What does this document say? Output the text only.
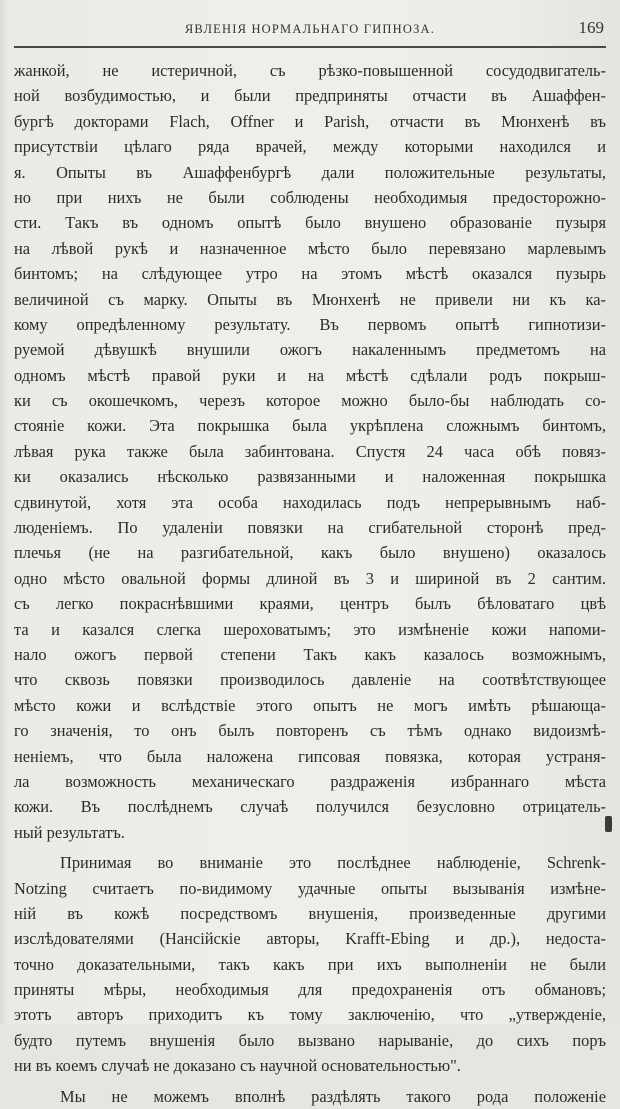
ЯВЛЕНІЯ НОРМАЛЬНАГО ГИПНОЗА.	169
жанкой, не истеричной, съ рѣзко-повышенной сосудодвигатель-
ной возбудимостью, и были предприняты отчасти въ Ашаффен-
бургѣ докторами Flach, Offner и Parish, отчасти въ Мюнхенѣ въ
присутствіи цѣлаго ряда врачей, между которыми находился и
я. Опыты въ Ашаффенбургѣ дали положительные результаты,
но при нихъ не были соблюдены необходимыя предосторожно-
сти. Такъ въ одномъ опытѣ было внушено образованіе пузыря
на лѣвой рукѣ и назначенное мѣсто было перевязано марлевымъ
бинтомъ; на слѣдующее утро на этомъ мѣстѣ оказался пузырь
величиной съ марку. Опыты въ Мюнхенѣ не привели ни къ ка-
кому опредѣленному результату. Въ первомъ опытѣ гипнотизи-
руемой дѣвушкѣ внушили ожогъ накаленнымъ предметомъ на
одномъ мѣстѣ правой руки и на мѣстѣ сдѣлали родъ покрыш-
ки съ окошечкомъ, черезъ которое можно было-бы наблюдать со-
стояніе кожи. Эта покрышка была укрѣплена сложнымъ бинтомъ,
лѣвая рука также была забинтована. Спустя 24 часа обѣ повяз-
ки оказались нѣсколько развязанными и наложенная покрышка
сдвинутой, хотя эта особа находилась подъ непрерывнымъ наб-
люденіемъ. По удаленіи повязки на сгибательной сторонѣ пред-
плечья (не на разгибательной, какъ было внушено) оказалось
одно мѣсто овальной формы длиной въ 3 и шириной въ 2 сантим.
съ легко покраснѣвшими краями, центръ былъ бѣловатаго цвѣ
та и казался слегка шероховатымъ; это измѣненіе кожи напоми-
нало ожогъ первой степени Такъ какъ казалось возможнымъ,
что сквозь повязки производилось давленіе на соотвѣтствующее
мѣсто кожи и вслѣдствіе этого опытъ не могъ имѣть рѣшающа-
го значенія, то онъ былъ повторенъ съ тѣмъ однако видоизмѣ-
неніемъ, что была наложена гипсовая повязка, которая устраня-
ла возможность механическаго раздраженія избраннаго мѣста
кожи. Въ послѣднемъ случаѣ получился безусловно отрицатель-
ный результатъ.
Принимая во вниманіе это послѣднее наблюденіе, Schrenk-
Notzing считаетъ по-видимому удачные опыты вызыванія измѣне-
ній въ кожѣ посредствомъ внушенія, произведенные другими
изслѣдователями (Нансійскіе авторы, Krafft-Ebing и др.), недоста-
точно доказательными, такъ какъ при ихъ выполненіи не были
приняты мѣры, необходимыя для предохраненія отъ обмановъ;
этотъ авторъ приходитъ къ тому заключенію, что „утвержденіе,
будто путемъ внушенія было вызвано нарываніе, до сихъ поръ
ни въ коемъ случаѣ не доказано съ научной основательностью".
Мы не можемъ вполнѣ раздѣлять такого рода положеніе
